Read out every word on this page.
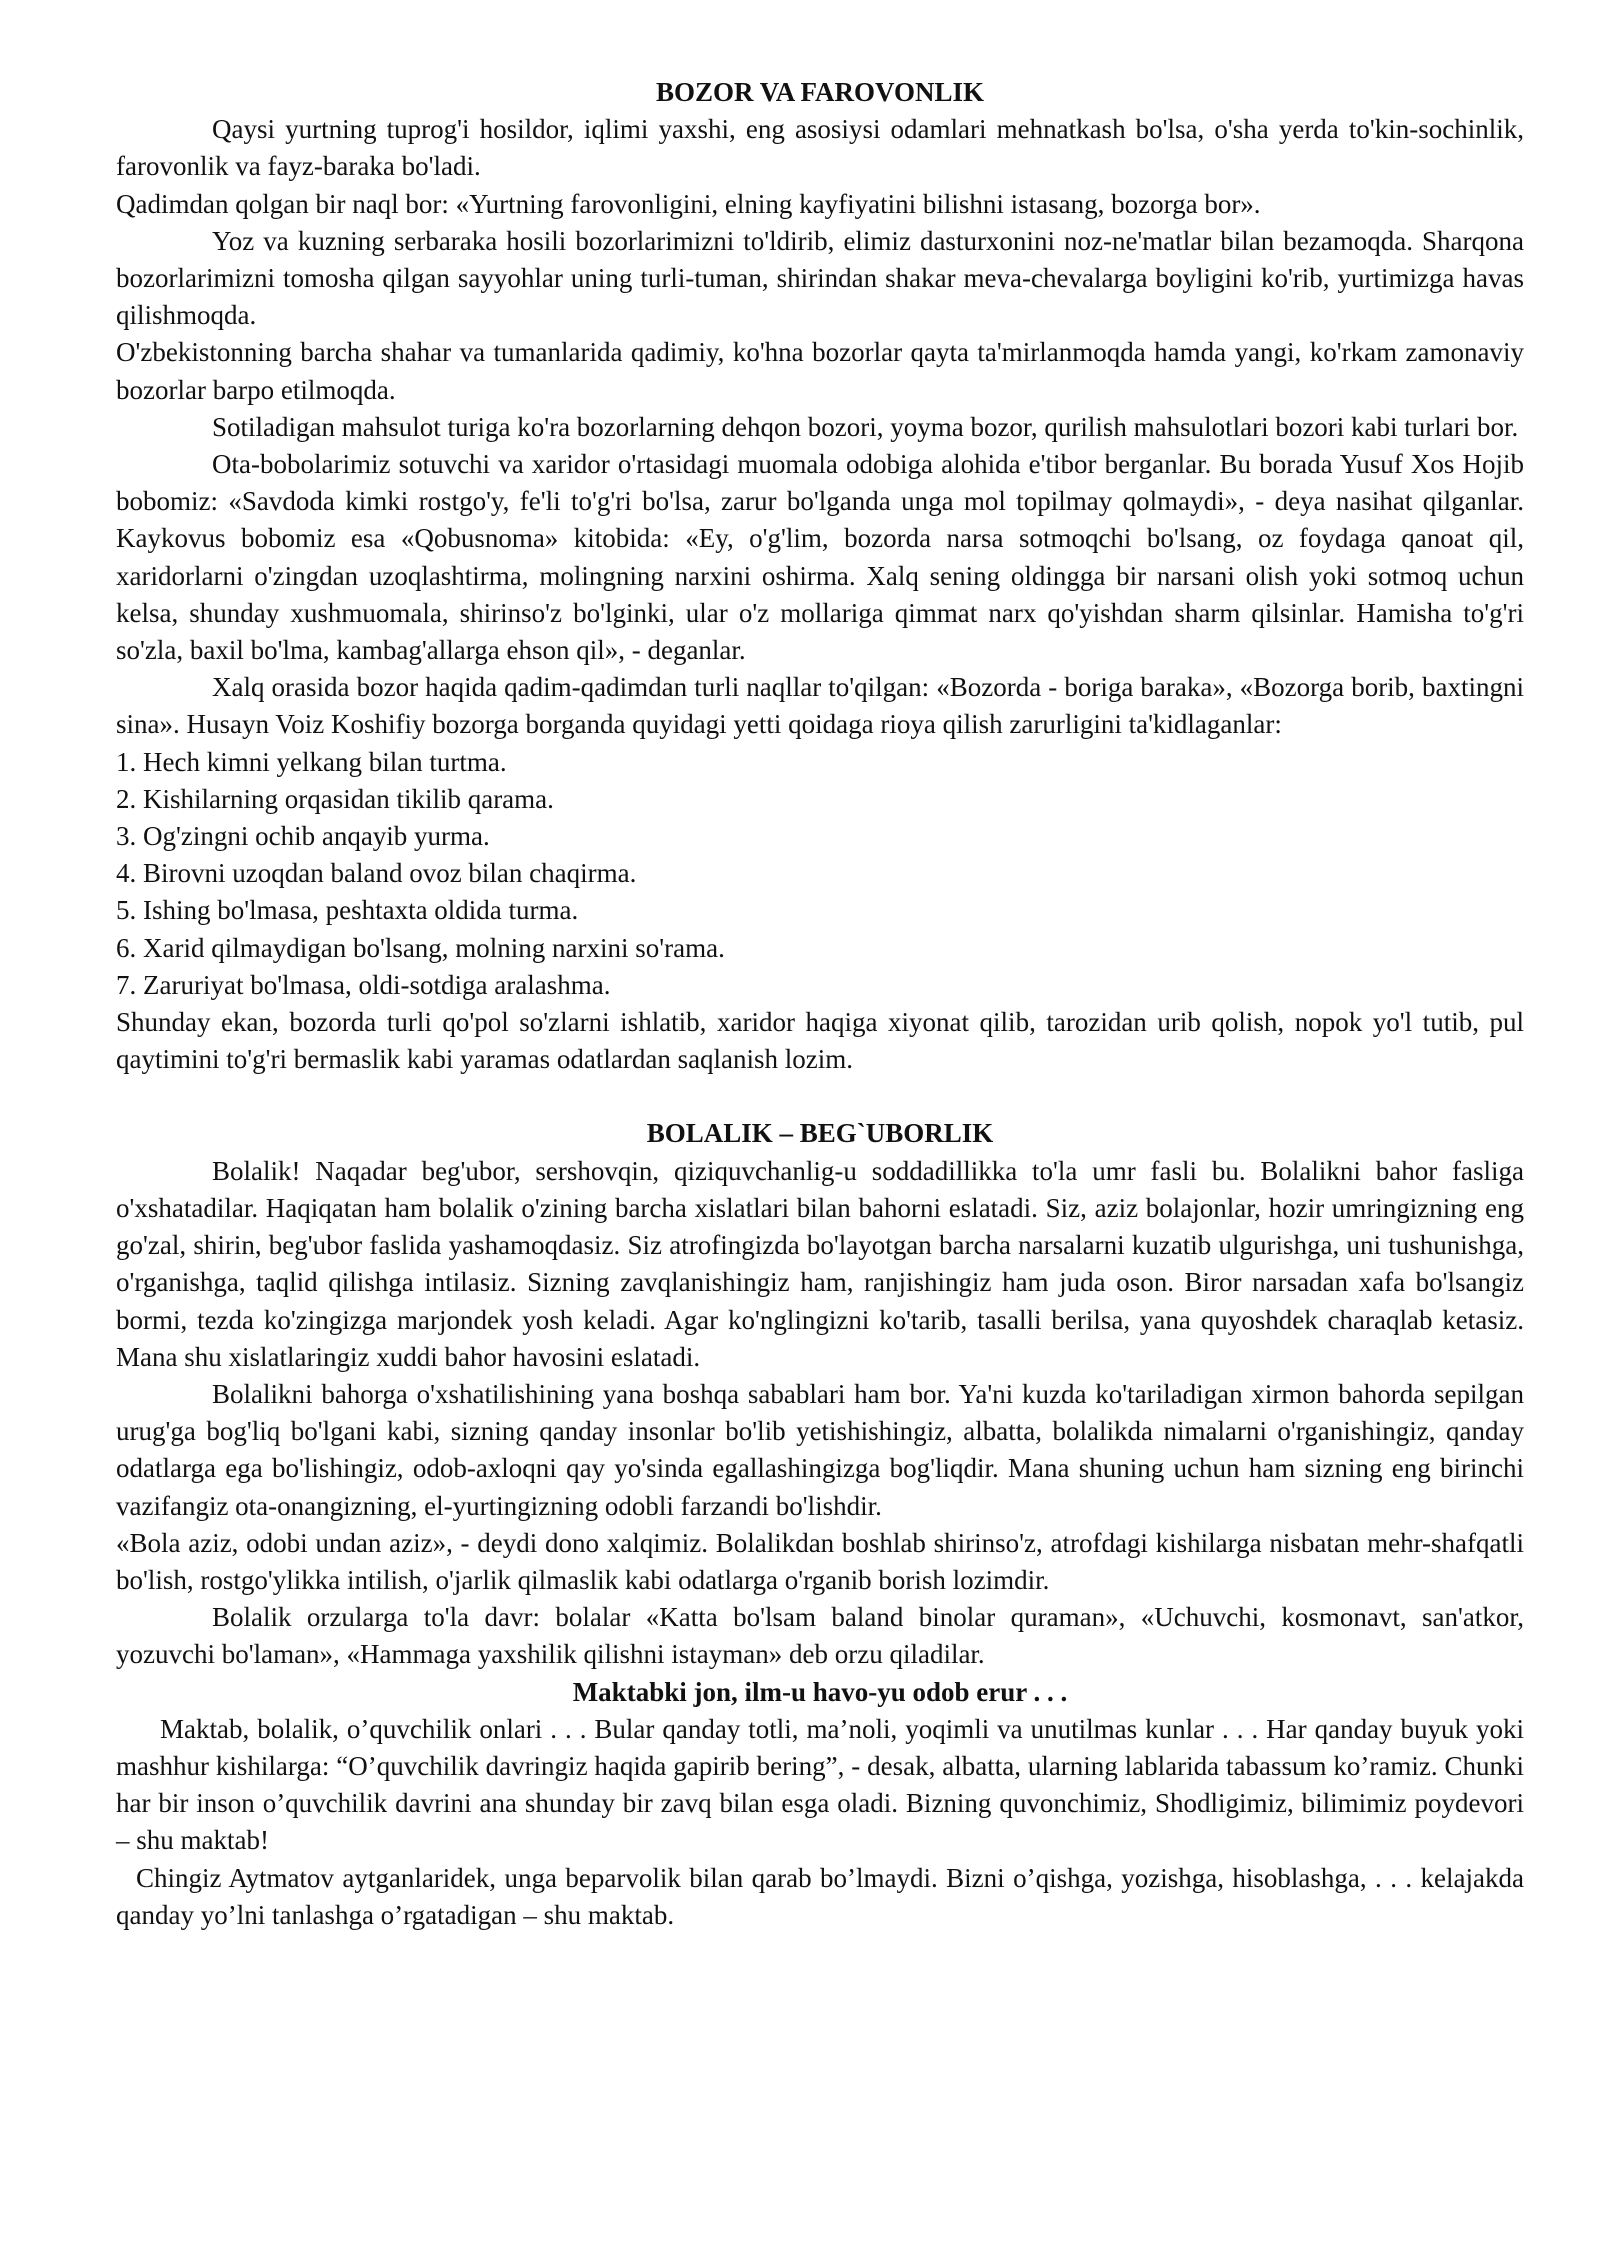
BOZOR VA FAROVONLIK

Qaysi yurtning tuprog'i hosildor, iqlimi yaxshi, eng asosiysi odamlari mehnatkash bo'lsa, o'sha yerda to'kin-sochinlik, farovonlik va fayz-baraka bo'ladi.

Qadimdan qolgan bir naql bor: «Yurtning farovonligini, elning kayfiyatini bilishni istasang, bozorga bor».

Yoz va kuzning serbaraka hosili bozorlarimizni to'ldirib, elimiz dasturxonini noz-ne'matlar bilan bezamoqda. Sharqona bozorlarimizni tomosha qilgan sayyohlar uning turli-tuman, shirindan shakar meva-chevalarga boyligini ko'rib, yurtimizga havas qilishmoqda.

O'zbekistonning barcha shahar va tumanlarida qadimiy, ko'hna bozorlar qayta ta'mirlanmoqda hamda yangi, ko'rkam zamonaviy bozorlar barpo etilmoqda.

Sotiladigan mahsulot turiga ko'ra bozorlarning dehqon bozori, yoyma bozor, qurilish mahsulotlari bozori kabi turlari bor.

Ota-bobolarimiz sotuvchi va xaridor o'rtasidagi muomala odobiga alohida e'tibor berganlar. Bu borada Yusuf Xos Hojib bobomiz: «Savdoda kimki rostgo'y, fe'li to'g'ri bo'lsa, zarur bo'lganda unga mol topilmay qolmaydi», - deya nasihat qilganlar. Kaykovus bobomiz esa «Qobusnoma» kitobida: «Ey, o'g'lim, bozorda narsa sotmoqchi bo'lsang, oz foydaga qanoat qil, xaridorlarni o'zingdan uzoqlashtirma, molingning narxini oshirma. Xalq sening oldingga bir narsani olish yoki sotmoq uchun kelsa, shunday xushmuomala, shirinso'z bo'lginki, ular o'z mollariga qimmat narx qo'yishdan sharm qilsinlar. Hamisha to'g'ri so'zla, baxil bo'lma, kambag'allarga ehson qil», - deganlar.

Xalq orasida bozor haqida qadim-qadimdan turli naqllar to'qilgan: «Bozorda - boriga baraka», «Bozorga borib, baxtingni sina». Husayn Voiz Koshifiy bozorga borganda quyidagi yetti qoidaga rioya qilish zarurligini ta'kidlaganlar:

1. Hech kimni yelkang bilan turtma.

2. Kishilarning orqasidan tikilib qarama.

3. Og'zingni ochib anqayib yurma.

4. Birovni uzoqdan baland ovoz bilan chaqirma.

5. Ishing bo'lmasa, peshtaxta oldida turma.

6. Xarid qilmaydigan bo'lsang, molning narxini so'rama.

7. Zaruriyat bo'lmasa, oldi-sotdiga aralashma.

Shunday ekan, bozorda turli qo'pol so'zlarni ishlatib, xaridor haqiga xiyonat qilib, tarozidan urib qolish, nopok yo'l tutib, pul qaytimini to'g'ri bermaslik kabi yaramas odatlardan saqlanish lozim.

BOLALIK – BEG`UBORLIK

Bolalik! Naqadar beg'ubor, sershovqin, qiziquvchanlig-u soddadillikka to'la umr fasli bu. Bolalikni bahor fasliga o'xshatadilar. Haqiqatan ham bolalik o'zining barcha xislatlari bilan bahorni eslatadi. Siz, aziz bolajonlar, hozir umringizning eng go'zal, shirin, beg'ubor faslida yashamoqdasiz. Siz atrofingizda bo'layotgan barcha narsalarni kuzatib ulgurishga, uni tushunishga, o'rganishga, taqlid qilishga intilasiz. Sizning zavqlanishingiz ham, ranjishingiz ham juda oson. Biror narsadan xafa bo'lsangiz bormi, tezda ko'zingizga marjondek yosh keladi. Agar ko'nglingizni ko'tarib, tasalli berilsa, yana quyoshdek charaqlab ketasiz. Mana shu xislatlaringiz xuddi bahor havosini eslatadi.

Bolalikni bahorga o'xshatilishining yana boshqa sabablari ham bor. Ya'ni kuzda ko'tariladigan xirmon bahorda sepilgan urug'ga bog'liq bo'lgani kabi, sizning qanday insonlar bo'lib yetishishingiz, albatta, bolalikda nimalarni o'rganishingiz, qanday odatlarga ega bo'lishingiz, odob-axloqni qay yo'sinda egallashingizga bog'liqdir. Mana shuning uchun ham sizning eng birinchi vazifangiz ota-onangizning, el-yurtingizning odobli farzandi bo'lishdir.

«Bola aziz, odobi undan aziz», - deydi dono xalqimiz. Bolalikdan boshlab shirinso'z, atrofdagi kishilarga nisbatan mehr-shafqatli bo'lish, rostgo'ylikka intilish, o'jarlik qilmaslik kabi odatlarga o'rganib borish lozimdir.

Bolalik orzularga to'la davr: bolalar «Katta bo'lsam baland binolar quraman», «Uchuvchi, kosmonavt, san'atkor, yozuvchi bo'laman», «Hammaga yaxshilik qilishni istayman» deb orzu qiladilar.

Maktabki jon, ilm-u havo-yu odob erur . . .

Maktab, bolalik, o’quvchilik onlari . . . Bular qanday totli, ma’noli, yoqimli va unutilmas kunlar . . . Har qanday buyuk yoki mashhur kishilarga: “O’quvchilik davringiz haqida gapirib bering”, - desak, albatta, ularning lablarida tabassum ko’ramiz. Chunki har bir inson o’quvchilik davrini ana shunday bir zavq bilan esga oladi. Bizning quvonchimiz, Shodligimiz, bilimimiz poydevori – shu maktab!

Chingiz Aytmatov aytganlaridek, unga beparvolik bilan qarab bo’lmaydi. Bizni o’qishga, yozishga, hisoblashga, . . . kelajakda qanday yo’lni tanlashga o’rgatadigan – shu maktab.
